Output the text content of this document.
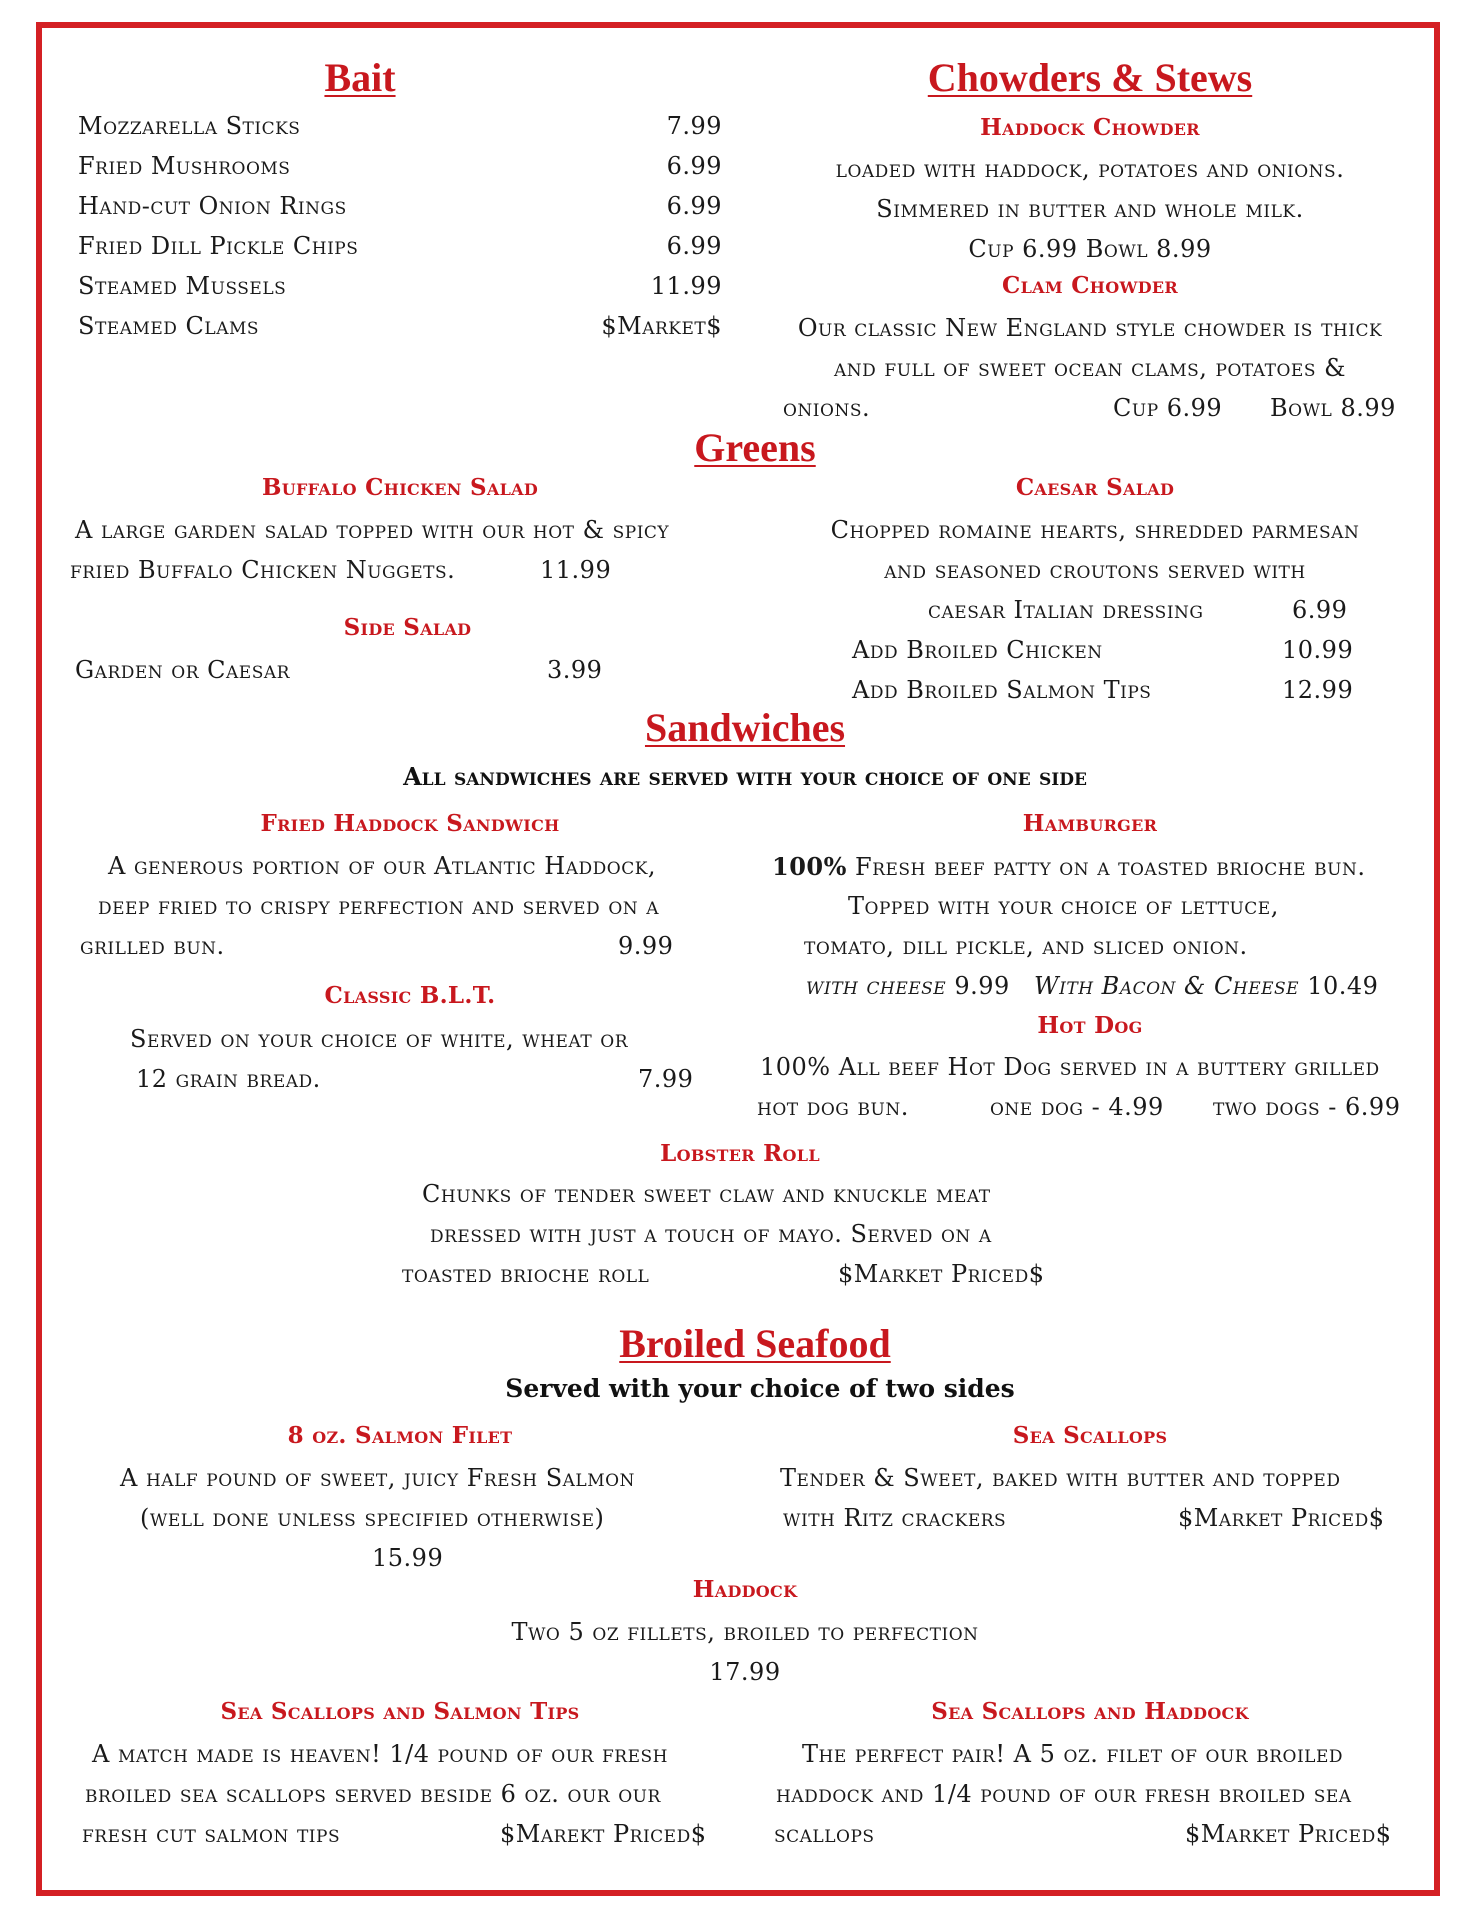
Bait
Mozzarella Sticks	7.99
Fried Mushrooms	6.99
Hand-cut Onion Rings	6.99
Fried Dill Pickle Chips	6.99
Steamed Mussels	11.99
Steamed Clams	$Market$
Chowders & Stews
Haddock Chowder
loaded with haddock, potatoes and onions.
Simmered in butter and whole milk.
Cup 6.99 Bowl 8.99
Clam Chowder
Our classic New England style chowder is thick
and full of sweet ocean clams, potatoes &
onions.	Cup 6.99 Bowl 8.99
Greens
Buffalo Chicken Salad
A large garden salad topped with our hot & spicy
fried Buffalo Chicken Nuggets.	11.99
Side Salad
Garden or Caesar	3.99
Caesar Salad
Chopped romaine hearts, shredded parmesan
and seasoned croutons served with
caesar Italian dressing	6.99
Add Broiled Chicken	10.99
Add Broiled Salmon Tips	12.99
Sandwiches
All sandwiches are served with your choice of one side
Fried Haddock Sandwich
A generous portion of our Atlantic Haddock,
deep fried to crispy perfection and served on a
grilled bun.	9.99
Classic B.L.T.
Served on your choice of white, wheat or
12 grain bread.	7.99
Hamburger
100% Fresh beef patty on a toasted brioche bun.
Topped with your choice of lettuce,
tomato, dill pickle, and sliced onion.
with cheese 9.99 With Bacon & Cheese 10.49
Hot Dog
100% All beef Hot Dog served in a buttery grilled
hot dog bun.	one dog - 4.99 two dogs - 6.99
Lobster Roll
Chunks of tender sweet claw and knuckle meat
dressed with just a touch of mayo. Served on a
toasted brioche roll	$Market Priced$
Broiled Seafood
Served with your choice of two sides
8 oz. Salmon Filet
A half pound of sweet, juicy Fresh Salmon
(well done unless specified otherwise)
15.99
Sea Scallops
Tender & Sweet, baked with butter and topped
with Ritz crackers	$Market Priced$
Haddock
Two 5 oz fillets, broiled to perfection
17.99
Sea Scallops and Salmon Tips
A match made is heaven! 1/4 pound of our fresh
broiled sea scallops served beside 6 oz. our our
fresh cut salmon tips	$Marekt Priced$
Sea Scallops and Haddock
The perfect pair! A 5 oz. filet of our broiled
haddock and 1/4 pound of our fresh broiled sea
scallops	$Market Priced$
